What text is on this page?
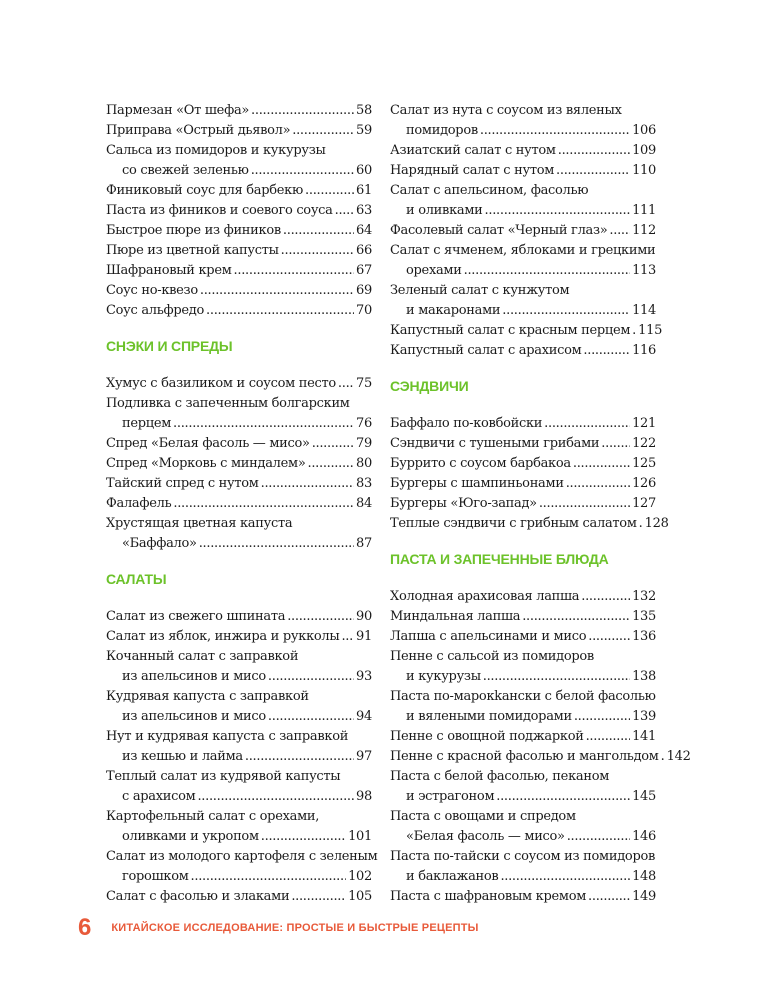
Пармезан «От шефа» .....	58
Приправа «Острый дьявол» .....	59
Сальса из помидоров и кукурузы
со свежей зеленью .....	60
Финиковый соус для барбекю .....	61
Паста из фиников и соевого соуса ..... 63
Быстрое пюре из фиников .....	64
Пюре из цветной капусты .....	66
Шафрановый крем .....	67
Соус но-квезо .....	69
Соус альфредо .....	70
СНЭКИ И СПРЕДЫ
Хумус с базиликом и соусом песто ..... 75
Подливка с запеченным болгарским
перцем .....	76
Спред «Белая фасоль — мисо» .....	79
Спред «Морковь с миндалем» .....	80
Тайский спред с нутом .....	83
Фалафель .....	84
Хрустящая цветная капуста
«Баффало» .....	87
САЛАТЫ
Салат из свежего шпината .....	90
Салат из яблок, инжира и рукколы ..... 91
Кочанный салат с заправкой
из апельсинов и мисо .....	93
Кудрявая капуста с заправкой
из апельсинов и мисо .....	94
Нут и кудрявая капуста с заправкой
из кешью и лайма .....	97
Теплый салат из кудрявой капусты
с арахисом .....	98
Картофельный салат с орехами,
оливками и укропом .....	101
Салат из молодого картофеля с зеленым
горошком .....	102
Салат с фасолью и злаками .....	105
Салат из нута с соусом из вяленых
помидоров .....	106
Азиатский салат с нутом .....	109
Нарядный салат с нутом .....	110
Салат с апельсином, фасолью
и оливками .....	111
Фасолевый салат «Черный глаз» ..... 112
Салат с ячменем, яблоками и грецкими
орехами .....	113
Зеленый салат с кунжутом
и макаронами .....	114
Капустный салат с красным перцем ..... 115
Капустный салат с арахисом .....	116
СЭНДВИЧИ
Баффало по-ковбойски .....	121
Сэндвичи с тушеными грибами .....	122
Буррито с соусом барбакоа .....	125
Бургеры с шампиньонами .....	126
Бургеры «Юго-запад» .....	127
Теплые сэндвичи с грибным салатом ..... 128
ПАСТА И ЗАПЕЧЕННЫЕ БЛЮДА
Холодная арахисовая лапша .....	132
Миндальная лапша .....	135
Лапша с апельсинами и мисо .....	136
Пенне с сальсой из помидоров
и кукурузы .....	138
Паста по-марокkански с белой фасолью
и вялеными помидорами .....	139
Пенне с овощной поджаркой .....	141
Пенне с красной фасолью и мангольдом ..... 142
Паста с белой фасолью, пеканом
и эстрагоном .....	145
Паста с овощами и спредом
«Белая фасоль — мисо» .....	146
Паста по-тайски с соусом из помидоров
и баклажанов .....	148
Паста с шафрановым кремом .....	149
6 КИТАЙСКОЕ ИССЛЕДОВАНИЕ: ПРОСТЫЕ И БЫСТРЫЕ РЕЦЕПТЫ
